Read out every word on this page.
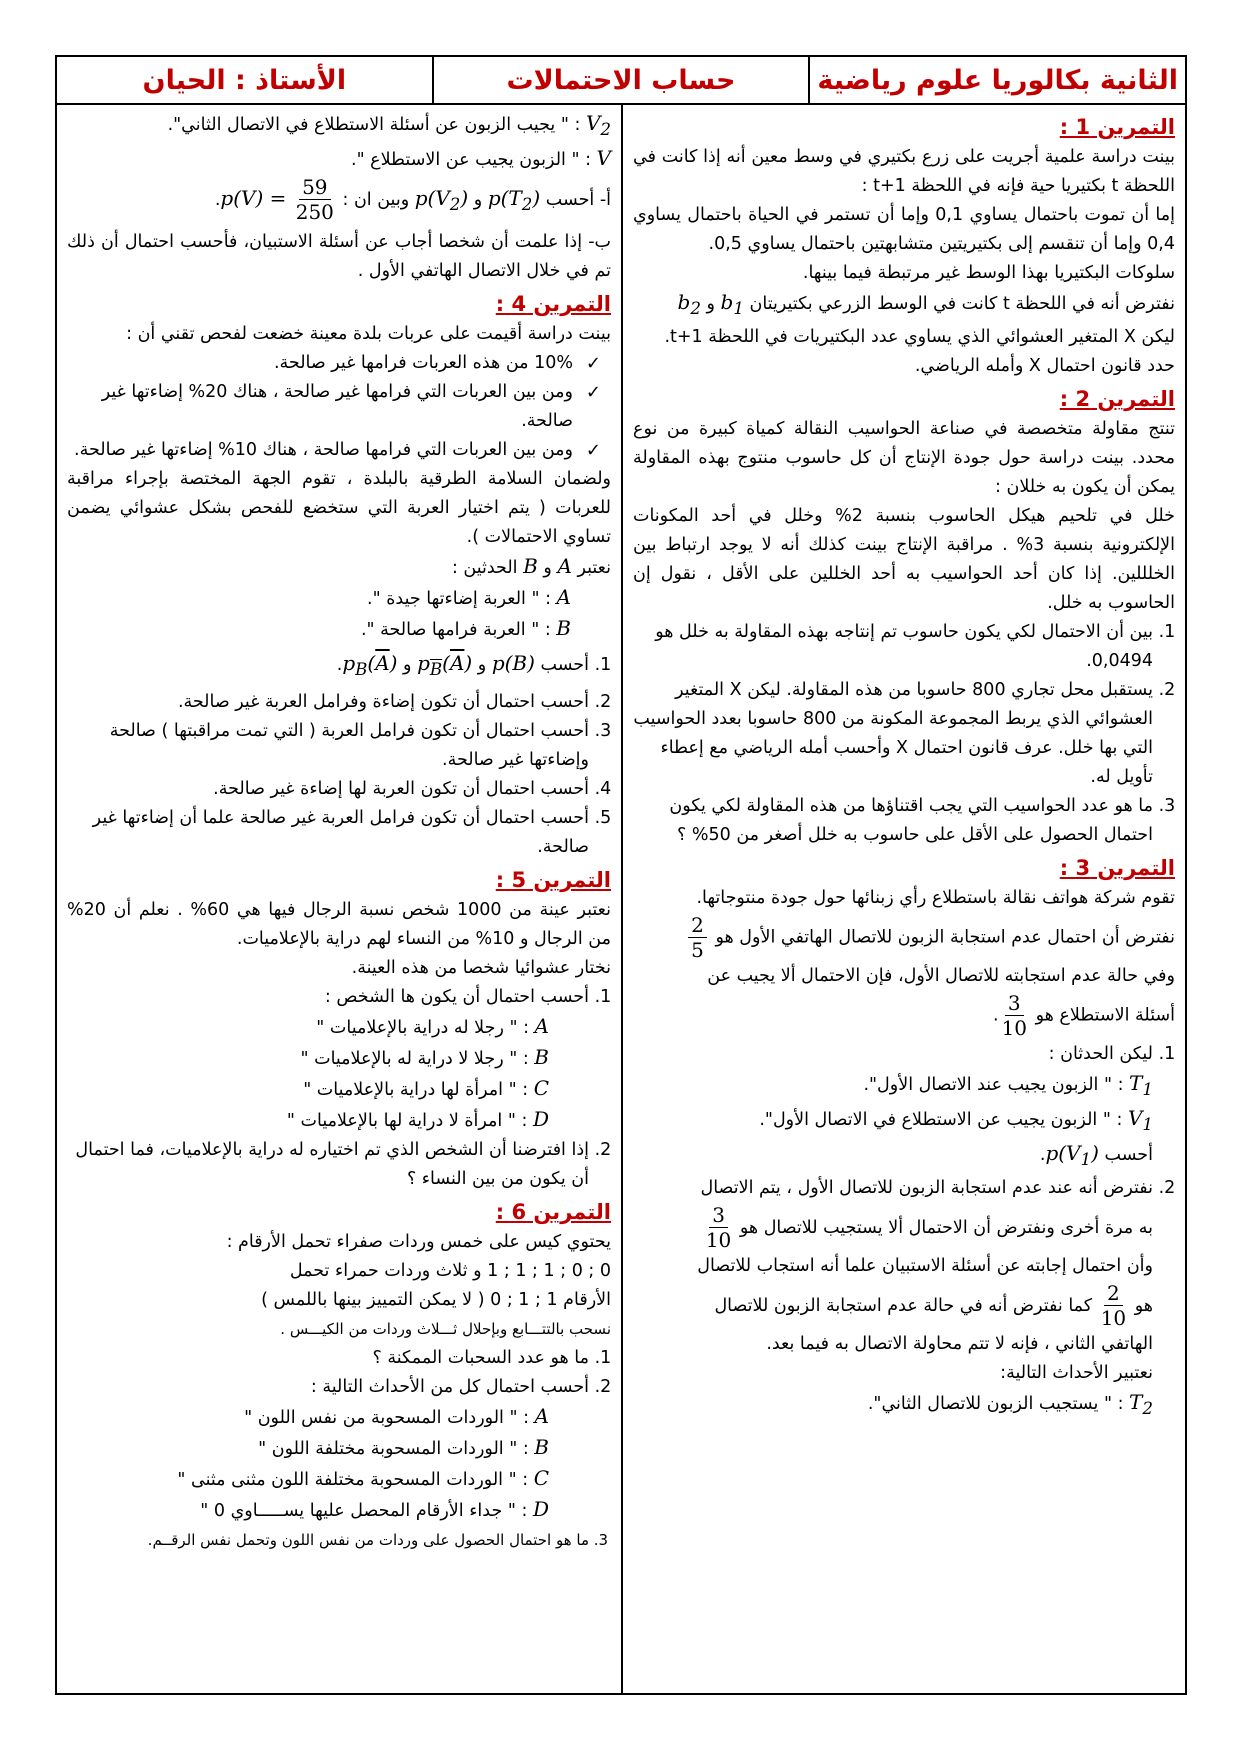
الثانية بكالوريا علوم رياضية
حساب الاحتمالات
الأستاذ : الحيان
التمرين 1 :

بينت دراسة علمية أجريت على زرع بكتيري في وسط معين أنه إذا كانت في اللحظة t بكتيريا حية فإنه في اللحظة t+1 :

إما أن تموت باحتمال يساوي 0,1 وإما أن تستمر في الحياة باحتمال يساوي 0,4 وإما أن تنقسم إلى بكتيريتين متشابهتين باحتمال يساوي 0,5.

سلوكات البكتيريا بهذا الوسط غير مرتبطة فيما بينها.

نفترض أنه في اللحظة t كانت في الوسط الزرعي بكتيريتان $b_1$ و $b_2$

ليكن X المتغير العشوائي الذي يساوي عدد البكتيريات في اللحظة t+1.

حدد قانون احتمال X وأمله الرياضي.

التمرين 2 :

تنتج مقاولة متخصصة في صناعة الحواسيب النقالة كمياة كبيرة من نوع محدد. بينت دراسة حول جودة الإنتاج أن كل حاسوب منتوج بهذه المقاولة يمكن أن يكون به خللان :

خلل في تلحيم هيكل الحاسوب بنسبة 2% وخلل في أحد المكونات الإلكترونية بنسبة 3% . مراقبة الإنتاج بينت كذلك أنه لا يوجد ارتباط بين الخلللين. إذا كان أحد الحواسيب به أحد الخللين على الأقل ، نقول إن الحاسوب به خلل.

1. بين أن الاحتمال لكي يكون حاسوب تم إنتاجه بهذه المقاولة به خلل هو 0,0494.
2. يستقبل محل تجاري 800 حاسوبا من هذه المقاولة. ليكن X المتغير العشوائي الذي يربط المجموعة المكونة من 800 حاسوبا بعدد الحواسيب التي بها خلل. عرف قانون احتمال X وأحسب أمله الرياضي مع إعطاء تأويل له.
3. ما هو عدد الحواسيب التي يجب اقتناؤها من هذه المقاولة لكي يكون احتمال الحصول على الأقل على حاسوب به خلل أصغر من 50% ؟
التمرين 3 :

تقوم شركة هواتف نقالة باستطلاع رأي زبنائها حول جودة منتوجاتها.

نفترض أن احتمال عدم استجابة الزبون للاتصال الهاتفي الأول هو
$\frac{2}{5}$

وفي حالة عدم استجابته للاتصال الأول، فإن الاحتمال ألا يجيب عن

أسئلة الاستطلاع هو
$\frac{3}{10}$
.

1. ليكن الحدثان :
$T_1$ : " الزبون يجيب عند الاتصال الأول".
$V_1$ : " الزبون يجيب عن الاستطلاع في الاتصال الأول".
أحسب $p(V_1)$.
2. نفترض أنه عند عدم استجابة الزبون للاتصال الأول ، يتم الاتصال
به مرة أخرى ونفترض أن الاحتمال ألا يستجيب للاتصال هو
$\frac{3}{10}$

وأن احتمال إجابته عن أسئلة الاستبيان علما أنه استجاب للاتصال
هو
$\frac{2}{10}$
كما نفترض أنه في حالة عدم استجابة الزبون للاتصال
الهاتفي الثاني ، فإنه لا تتم محاولة الاتصال به فيما بعد.
نعتبير الأحداث التالية:
$T_2$ : " يستجيب الزبون للاتصال الثاني".

$V_2$ : " يجيب الزبون عن أسئلة الاستطلاع في الاتصال الثاني".

V : " الزبون يجيب عن الاستطلاع ".

أ- أحسب $p(T_2)$ و $p(V_2)$ وبين ان : $p(V) = \frac{59}{250}$
.

ب- إذا علمت أن شخصا أجاب عن أسئلة الاستبيان، فأحسب احتمال أن ذلك تم في خلال الاتصال الهاتفي الأول .

التمرين 4 :

بينت دراسة أقيمت على عربات بلدة معينة خضعت لفحص تقني أن :

✓ 10% من هذه العربات فرامها غير صالحة.
✓ ومن بين العربات التي فرامها غير صالحة ، هناك 20% إضاءتها غير صالحة.
✓ ومن بين العربات التي فرامها صالحة ، هناك 10% إضاءتها غير صالحة.

ولضمان السلامة الطرقية بالبلدة ، تقوم الجهة المختصة بإجراء مراقبة للعربات ( يتم اختيار العربة التي ستخضع للفحص بشكل عشوائي يضمن تساوي الاحتمالات ).

نعتبر A و B الحدثين :

A : " العربة إضاءتها جيدة ".

B : " العربة فرامها صالحة ".

1. أحسب p(B) و $p_{\overline{B}}(\overline{A})$ و $p_B(\overline{A})$.
2. أحسب احتمال أن تكون إضاءة وفرامل العربة غير صالحة.
3. أحسب احتمال أن تكون فرامل العربة ( التي تمت مراقبتها ) صالحة وإضاءتها غير صالحة.
4. أحسب احتمال أن تكون العربة لها إضاءة غير صالحة.
5. أحسب احتمال أن تكون فرامل العربة غير صالحة علما أن إضاءتها غير صالحة.
التمرين 5 :

نعتبر عينة من 1000 شخص نسبة الرجال فيها هي 60% . نعلم أن 20% من الرجال و 10% من النساء لهم دراية بالإعلاميات.

نختار عشوائيا شخصا من هذه العينة.

1. أحسب احتمال أن يكون ها الشخص :
A : " رجلا له دراية بالإعلاميات "
B : " رجلا لا دراية له بالإعلاميات "
C : " امرأة لها دراية بالإعلاميات "
D : " امرأة لا دراية لها بالإعلاميات "
2. إذا افترضنا أن الشخص الذي تم اختياره له دراية بالإعلاميات، فما احتمال أن يكون من بين النساء ؟
التمرين 6 :

يحتوي كيس على خمس وردات صفراء تحمل الأرقام :

0 ; 0 ; 1 ; 1 ; 1 و ثلاث وردات حمراء تحمل

الأرقام 1 ; 1 ; 0 ( لا يمكن التمييز بينها باللمس )

نسحب بالتتـــابع وبإحلال ثـــلاث وردات من الكيـــس .

1. ما هو عدد السحبات الممكنة ؟
2. أحسب احتمال كل من الأحداث التالية :
A : " الوردات المسحوبة من نفس اللون "
B : " الوردات المسحوبة مختلفة اللون "
C : " الوردات المسحوبة مختلفة اللون مثنى مثنى "
D : " جداء الأرقام المحصل عليها يســـــاوي 0 "
3. ما هو احتمال الحصول على وردات من نفس اللون وتحمل نفس الرقــم.
